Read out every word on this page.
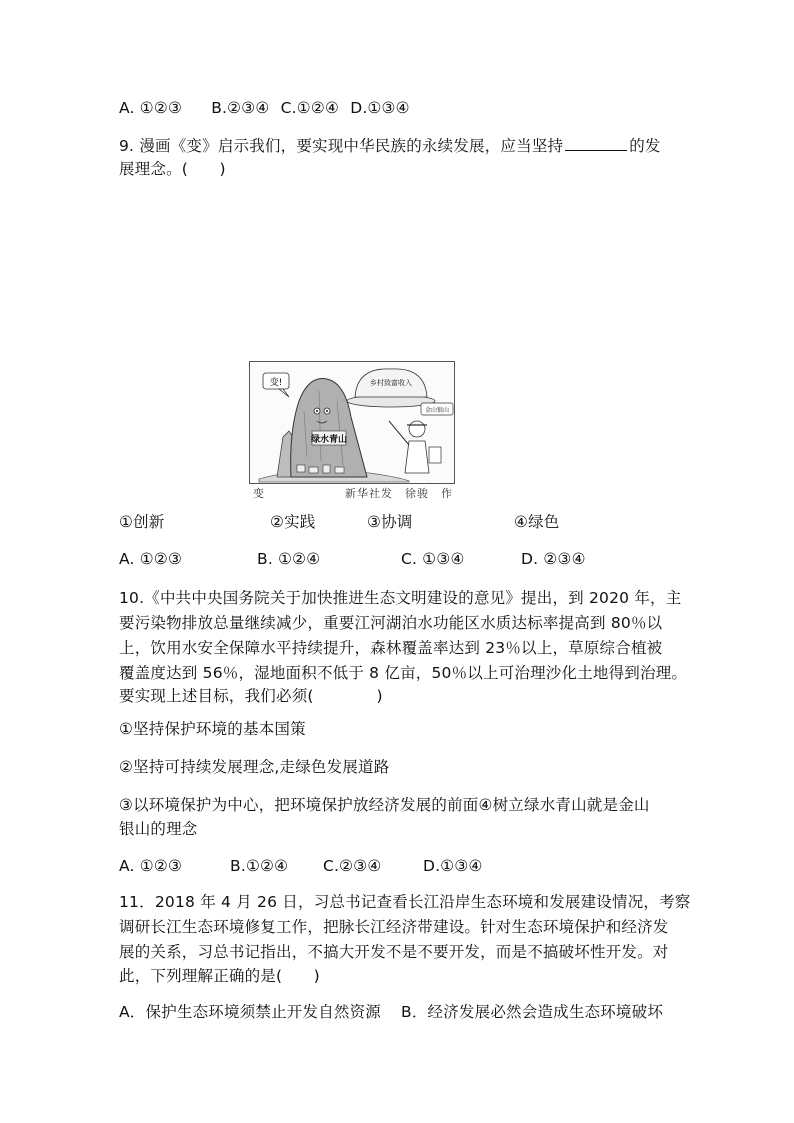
A. ①②③ B.②③④ C.①②④ D.①③④
9. 漫画《变》启示我们，要实现中华民族的永续发展，应当坚持	的发
展理念。(　　)
绿水青山
变!	乡村致富收入
金山银山
变	新华社发　徐骏　作
①创新	②实践	③协调	④绿色
A. ①②③	B. ①②④	C. ①③④	D. ②③④
10.《中共中央国务院关于加快推进生态文明建设的意见》提出，到 2020 年，主
要污染物排放总量继续减少，重要江河湖泊水功能区水质达标率提高到 80％以
上，饮用水安全保障水平持续提升，森林覆盖率达到 23％以上，草原综合植被
覆盖度达到 56％，湿地面积不低于 8 亿亩，50％以上可治理沙化土地得到治理。
要实现上述目标，我们必须(　　　　)
①坚持保护环境的基本国策
②坚持可持续发展理念,走绿色发展道路
③以环境保护为中心，把环境保护放经济发展的前面④树立绿水青山就是金山
银山的理念
A. ①②③	B.①②④ C.②③④	D.①③④
11．2018 年 4 月 26 日，习总书记查看长江沿岸生态环境和发展建设情况，考察
调研长江生态环境修复工作，把脉长江经济带建设。针对生态环境保护和经济发
展的关系，习总书记指出，不搞大开发不是不要开发，而是不搞破坏性开发。对
此，下列理解正确的是(　　)
A．保护生态环境须禁止开发自然资源 B．经济发展必然会造成生态环境破坏
